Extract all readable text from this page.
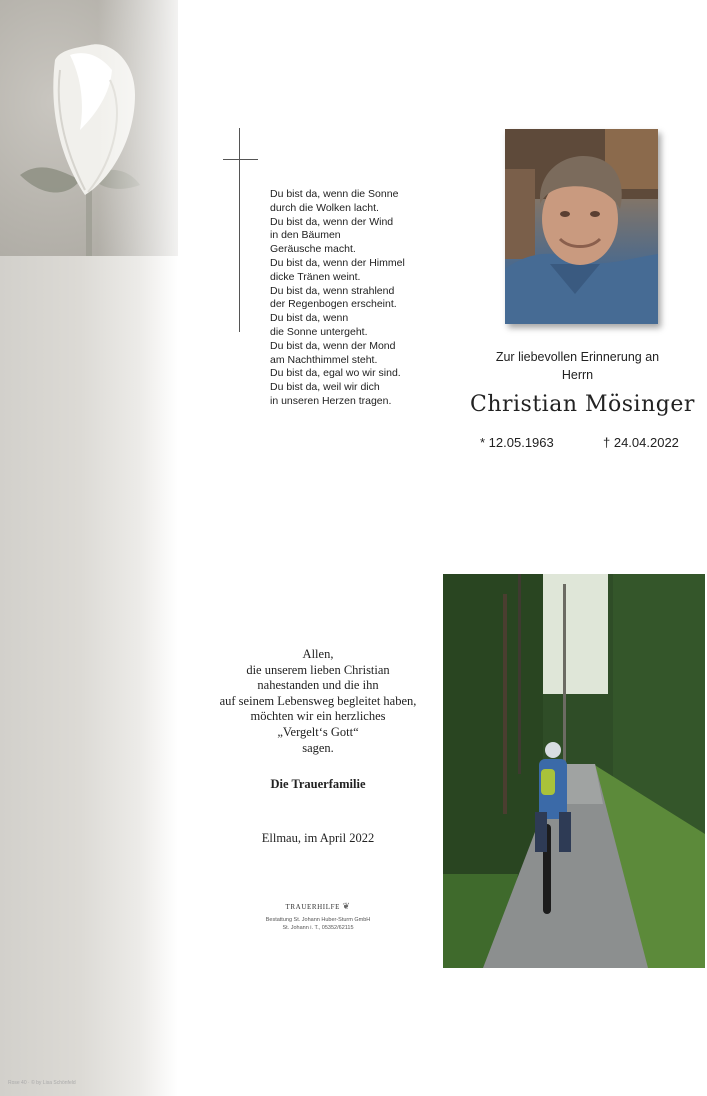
Rose 40 · © by Lisa Schönfeld
Du bist da, wenn die Sonne
durch die Wolken lacht.
Du bist da, wenn der Wind
in den Bäumen
Geräusche macht.
Du bist da, wenn der Himmel
dicke Tränen weint.
Du bist da, wenn strahlend
der Regenbogen erscheint.
Du bist da, wenn
die Sonne untergeht.
Du bist da, wenn der Mond
am Nachthimmel steht.
Du bist da, egal wo wir sind.
Du bist da, weil wir dich
in unseren Herzen tragen.
Zur liebevollen Erinnerung an
Herrn
Christian Mösinger
* 12.05.1963	† 24.04.2022
Allen,
die unserem lieben Christian
nahestanden und die ihn
auf seinem Lebensweg begleitet haben,
möchten wir ein herzliches
„Vergelt‘s Gott“
sagen.
Die Trauerfamilie
Ellmau, im April 2022
TRAUERHILFE ❦
Bestattung St. Johann Huber-Sturm GmbH
St. Johann i. T., 05352/62115
